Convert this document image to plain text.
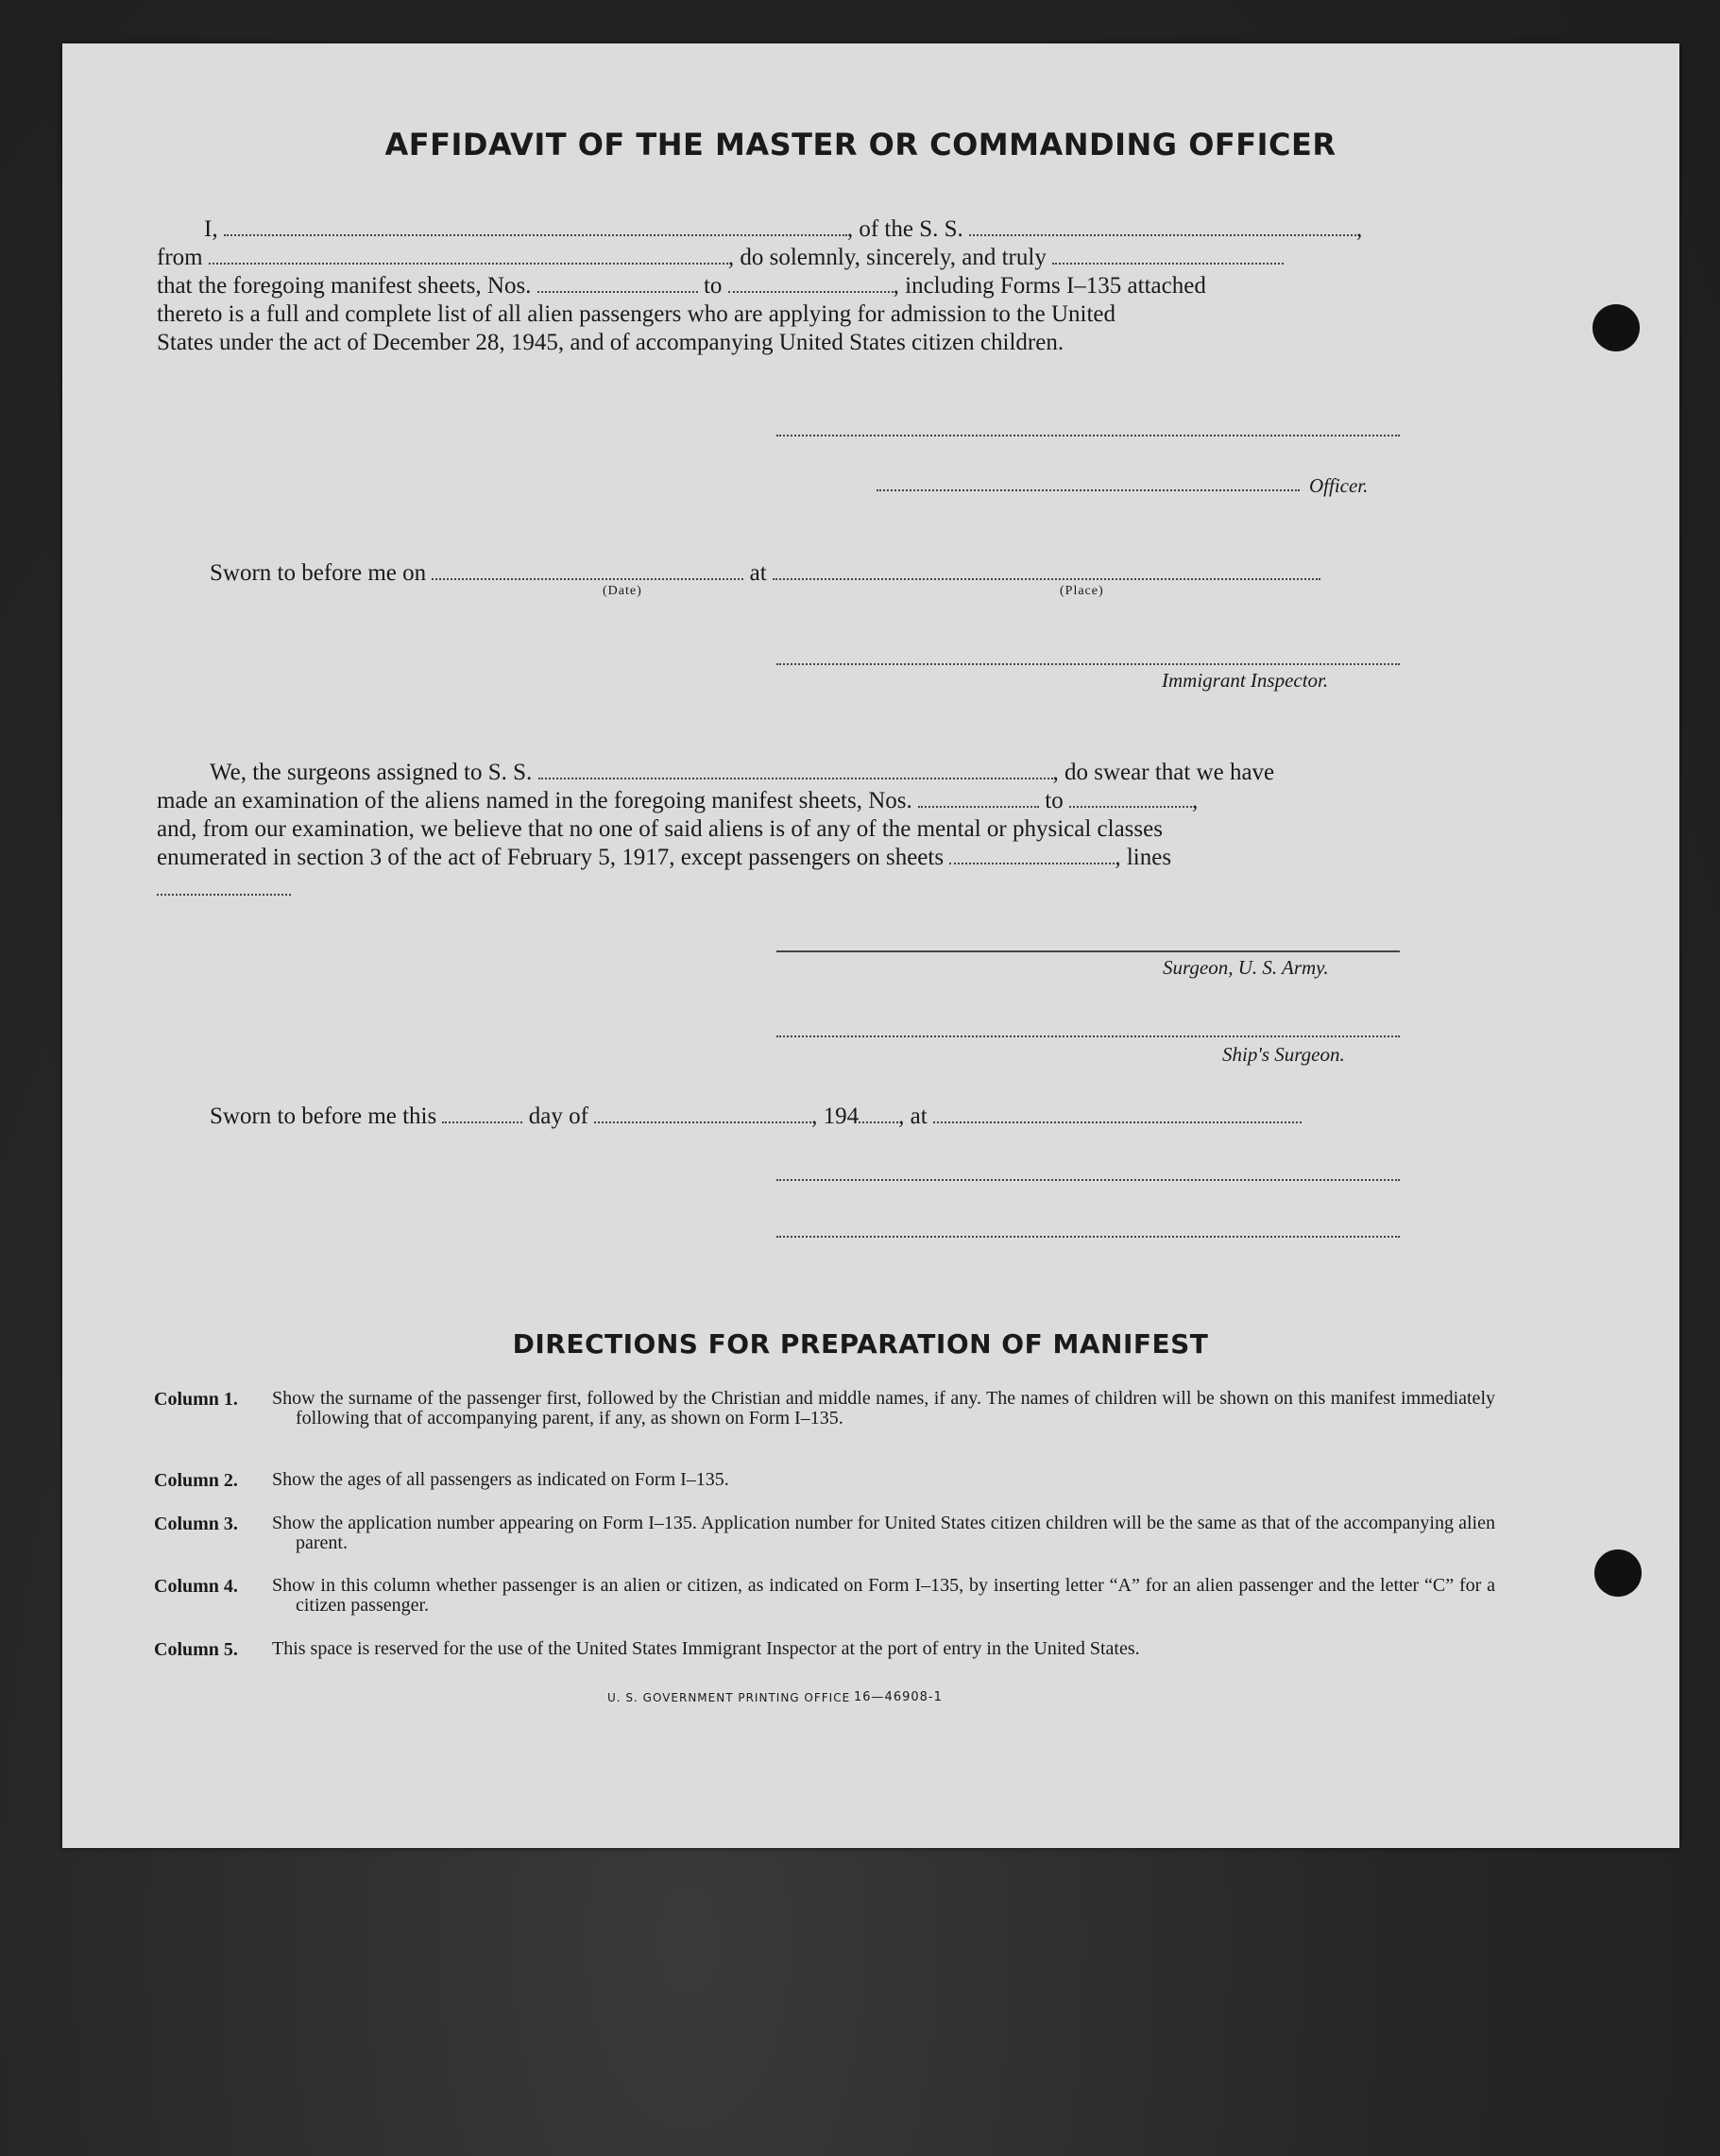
AFFIDAVIT OF THE MASTER OR COMMANDING OFFICER
I,	, of the S. S.	,
from	, do solemnly, sincerely, and truly
that the foregoing manifest sheets, Nos.	to	, including Forms I–135 attached
thereto is a full and complete list of all alien passengers who are applying for admission to the United
States under the act of December 28, 1945, and of accompanying United States citizen children.
Officer.
Sworn to before me on	at
(Date)	(Place)
Immigrant Inspector.
We, the surgeons assigned to S. S.	, do swear that we have
made an examination of the aliens named in the foregoing manifest sheets, Nos.	to	,
and, from our examination, we believe that no one of said aliens is of any of the mental or physical classes
enumerated in section 3 of the act of February 5, 1917, except passengers on sheets	, lines
Surgeon, U. S. Army.
Ship's Surgeon.
Sworn to before me this	day of	, 194 , at
DIRECTIONS FOR PREPARATION OF MANIFEST
Column 1.	Show the surname of the passenger first, followed by the Christian and middle names, if any. The names of children will be shown on this manifest immediately following that of accompanying parent, if any, as shown on Form I–135.
Column 2.	Show the ages of all passengers as indicated on Form I–135.
Column 3.	Show the application number appearing on Form I–135. Application number for United States citizen children will be the same as that of the accompanying alien parent.
Column 4.	Show in this column whether passenger is an alien or citizen, as indicated on Form I–135, by inserting letter “A” for an alien passenger and the letter “C” for a citizen passenger.
Column 5.	This space is reserved for the use of the United States Immigrant Inspector at the port of entry in the United States.
U. S. GOVERNMENT PRINTING OFFICE 16—46908-1
